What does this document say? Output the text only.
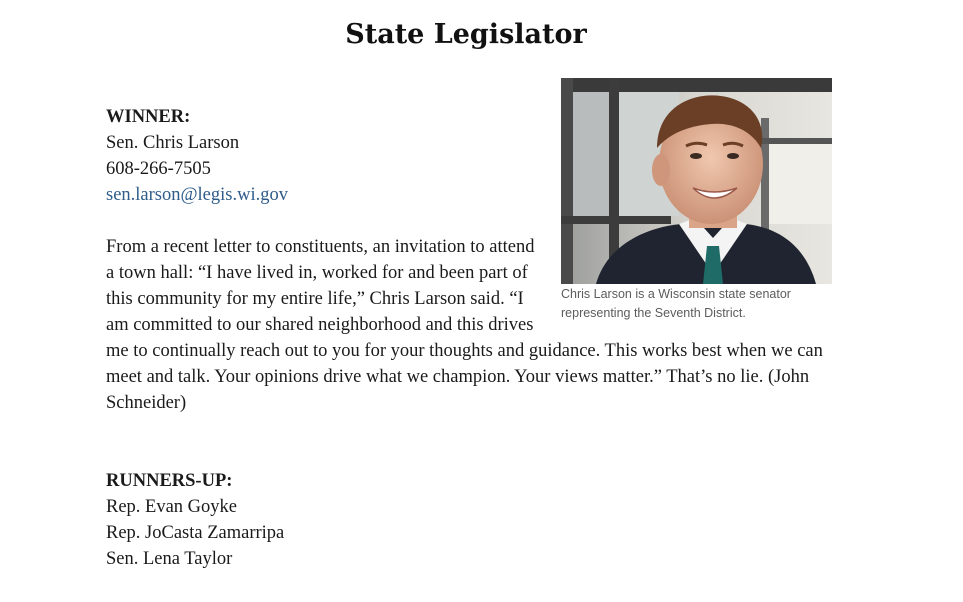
State Legislator
Chris Larson is a Wisconsin state senator representing the Seventh District.
WINNER:
Sen. Chris Larson
608-266-7505
sen.larson@legis.wi.gov

From a recent letter to constituents, an invitation to attend a town hall: “I have lived in, worked for and been part of this community for my entire life,” Chris Larson said. “I am committed to our shared neighborhood and this drives me to continually reach out to you for your thoughts and guidance. This works best when we can meet and talk. Your opinions drive what we champion. Your views matter.” That’s no lie. (John Schneider)

RUNNERS-UP:
Rep. Evan Goyke
Rep. JoCasta Zamarripa
Sen. Lena Taylor
